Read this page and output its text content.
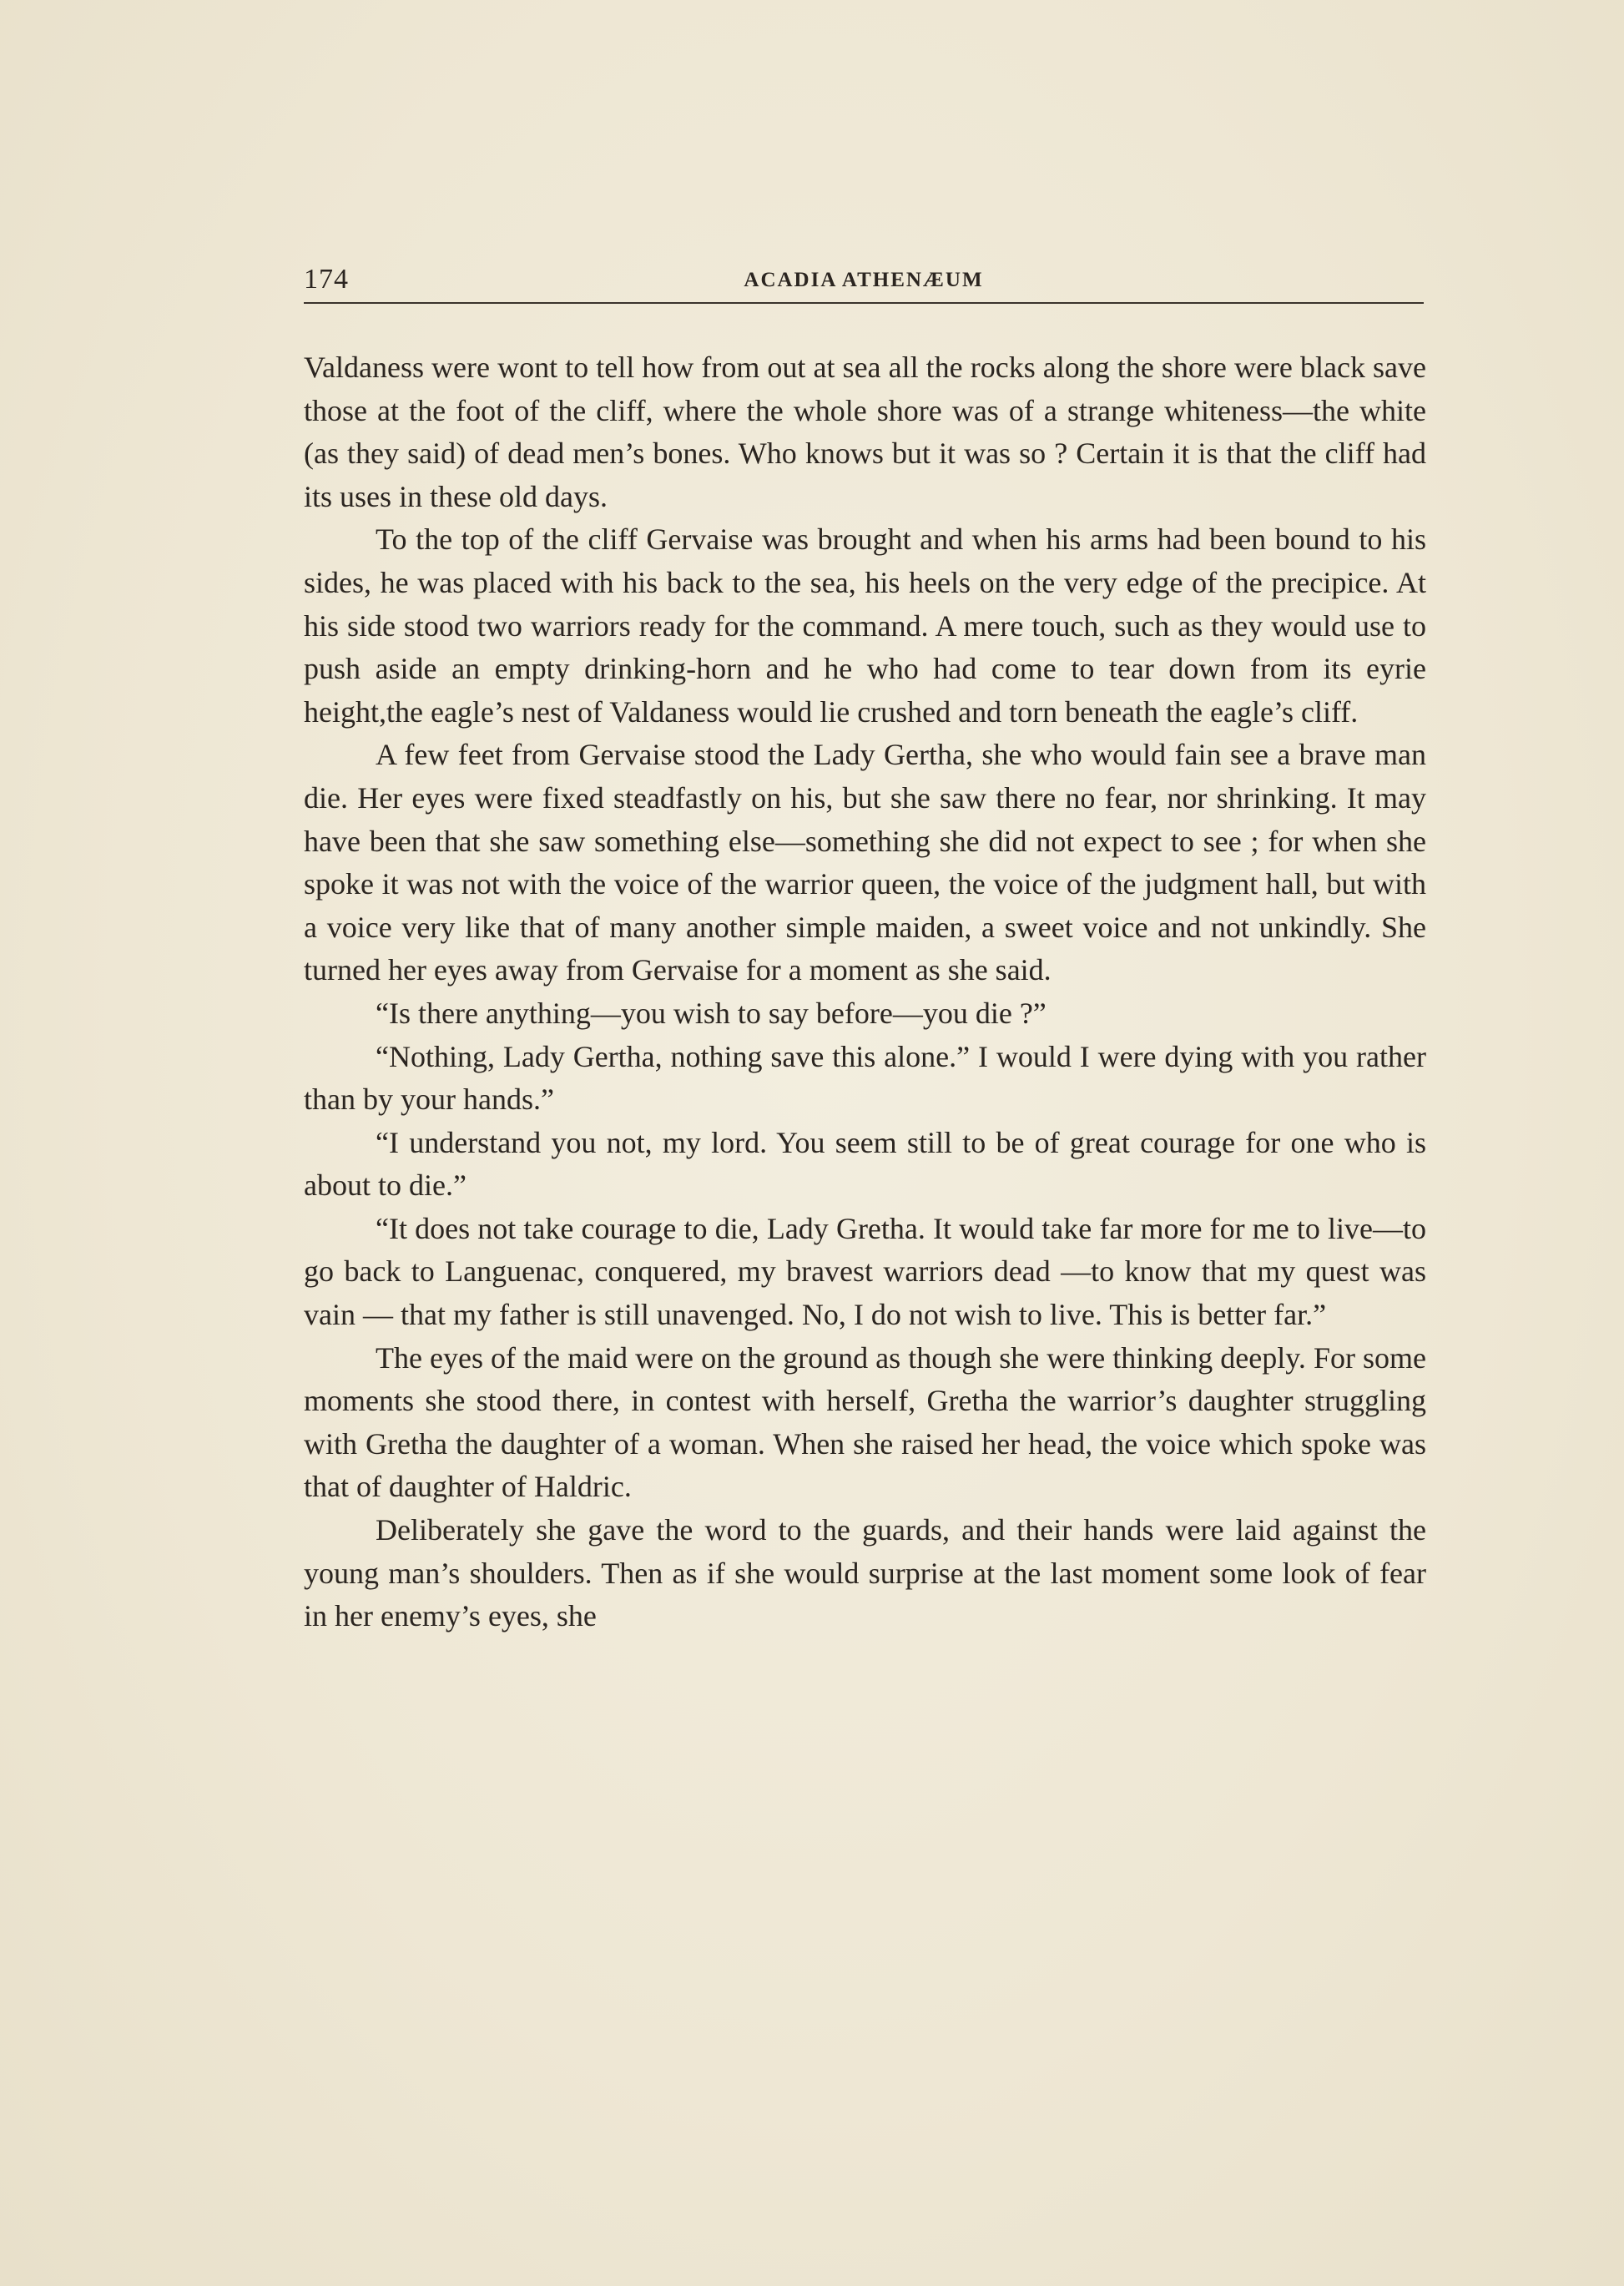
174	ACADIA ATHENÆUM

Valdaness were wont to tell how from out at sea all the rocks along the shore were black save those at the foot of the cliff, where the whole shore was of a strange whiteness—the white (as they said) of dead men’s bones. Who knows but it was so ? Certain it is that the cliff had its uses in these old days.

To the top of the cliff Gervaise was brought and when his arms had been bound to his sides, he was placed with his back to the sea, his heels on the very edge of the precipice. At his side stood two warriors ready for the command. A mere touch, such as they would use to push aside an empty drinking-horn and he who had come to tear down from its eyrie height,the eagle’s nest of Valdaness would lie crushed and torn beneath the eagle’s cliff.

A few feet from Gervaise stood the Lady Gertha, she who would fain see a brave man die. Her eyes were fixed steadfastly on his, but she saw there no fear, nor shrinking. It may have been that she saw something else—something she did not expect to see ; for when she spoke it was not with the voice of the warrior queen, the voice of the judgment hall, but with a voice very like that of many another simple maiden, a sweet voice and not unkindly. She turned her eyes away from Gervaise for a moment as she said.

“Is there anything—you wish to say before—you die ?”

“Nothing, Lady Gertha, nothing save this alone.” I would I were dying with you rather than by your hands.”

“I understand you not, my lord. You seem still to be of great courage for one who is about to die.”

“It does not take courage to die, Lady Gretha. It would take far more for me to live—to go back to Languenac, conquered, my bravest warriors dead —to know that my quest was vain — that my father is still unavenged. No, I do not wish to live. This is better far.”

The eyes of the maid were on the ground as though she were thinking deeply. For some moments she stood there, in contest with herself, Gretha the warrior’s daughter struggling with Gretha the daughter of a woman. When she raised her head, the voice which spoke was that of daughter of Haldric.

Deliberately she gave the word to the guards, and their hands were laid against the young man’s shoulders. Then as if she would surprise at the last moment some look of fear in her enemy’s eyes, she
